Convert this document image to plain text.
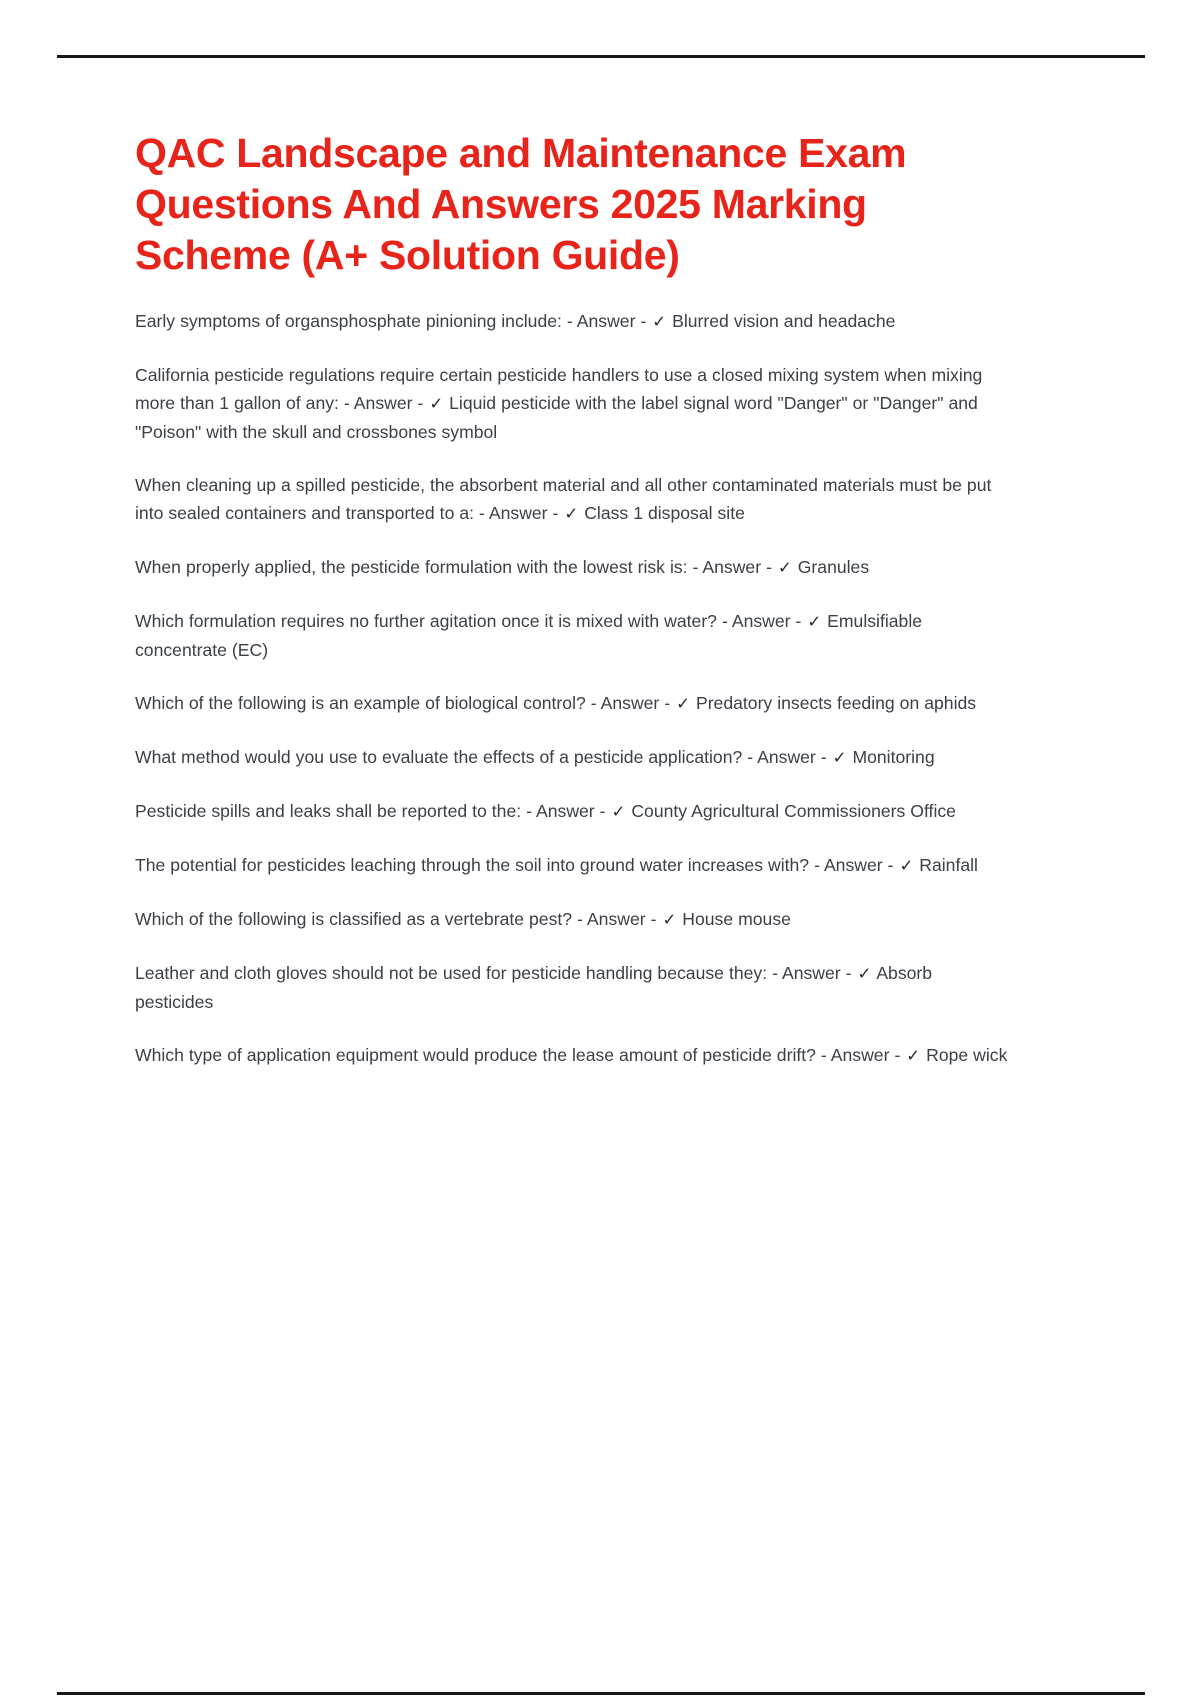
QAC Landscape and Maintenance Exam Questions And Answers 2025 Marking Scheme (A+ Solution Guide)

Early symptoms of organsphosphate pinioning include: - Answer - ✓ Blurred vision and headache

California pesticide regulations require certain pesticide handlers to use a closed mixing system when mixing more than 1 gallon of any: - Answer - ✓ Liquid pesticide with the label signal word "Danger" or "Danger" and "Poison" with the skull and crossbones symbol

When cleaning up a spilled pesticide, the absorbent material and all other contaminated materials must be put into sealed containers and transported to a: - Answer - ✓ Class 1 disposal site

When properly applied, the pesticide formulation with the lowest risk is: - Answer - ✓ Granules

Which formulation requires no further agitation once it is mixed with water? - Answer - ✓ Emulsifiable concentrate (EC)

Which of the following is an example of biological control? - Answer - ✓ Predatory insects feeding on aphids

What method would you use to evaluate the effects of a pesticide application? - Answer - ✓ Monitoring

Pesticide spills and leaks shall be reported to the: - Answer - ✓ County Agricultural Commissioners Office

The potential for pesticides leaching through the soil into ground water increases with? - Answer - ✓ Rainfall

Which of the following is classified as a vertebrate pest? - Answer - ✓ House mouse

Leather and cloth gloves should not be used for pesticide handling because they: - Answer - ✓ Absorb pesticides

Which type of application equipment would produce the lease amount of pesticide drift? - Answer - ✓ Rope wick
